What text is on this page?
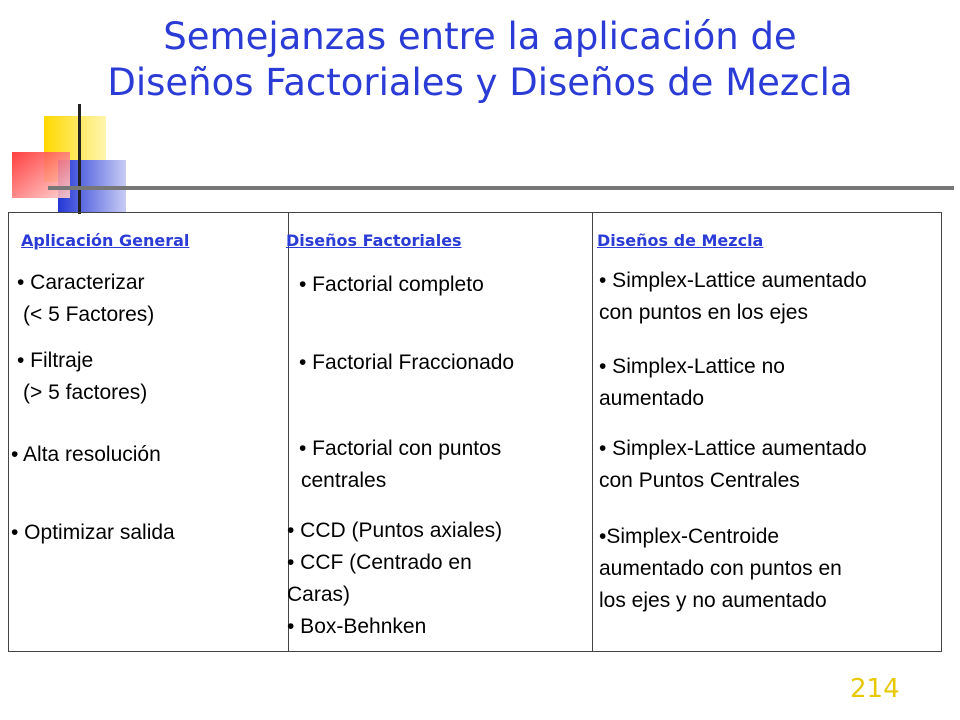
Semejanzas entre la aplicación de
Diseños Factoriales y Diseños de Mezcla
Aplicación General	Diseños Factoriales	Diseños de Mezcla
• Caracterizar
(< 5 Factores)
• Filtraje
(> 5 factores)
• Alta resolución
• Optimizar salida
• Factorial completo
• Factorial Fraccionado
• Factorial con puntos
centrales
• CCD (Puntos axiales)
• CCF (Centrado en
Caras)
• Box-Behnken
• Simplex-Lattice aumentado
con puntos en los ejes
• Simplex-Lattice no
aumentado
• Simplex-Lattice aumentado
con Puntos Centrales
•Simplex-Centroide
aumentado con puntos en
los ejes y no aumentado
214
